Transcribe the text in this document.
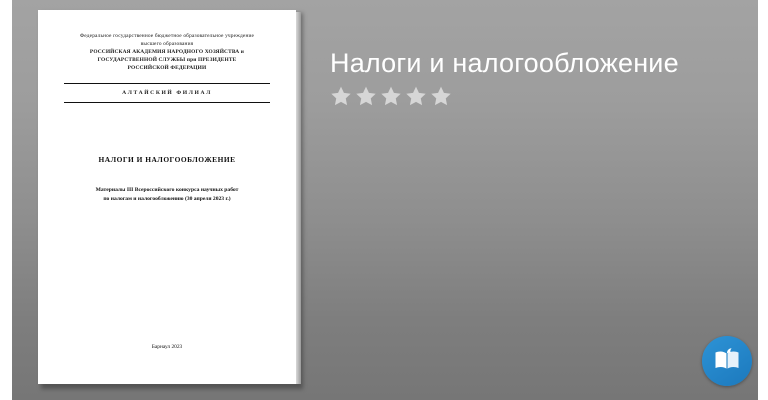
Федеральное государственное бюджетное образовательное учреждение
высшего образования
РОССИЙСКАЯ АКАДЕМИЯ НАРОДНОГО ХОЗЯЙСТВА и
ГОСУДАРСТВЕННОЙ СЛУЖБЫ при ПРЕЗИДЕНТЕ
РОССИЙСКОЙ ФЕДЕРАЦИИ
АЛТАЙСКИЙ ФИЛИАЛ
НАЛОГИ И НАЛОГООБЛОЖЕНИЕ
Материалы III Всероссийского конкурса научных работ
по налогам и налогообложению (30 апреля 2023 г.)
Барнаул 2023
Налоги и налогообложение
